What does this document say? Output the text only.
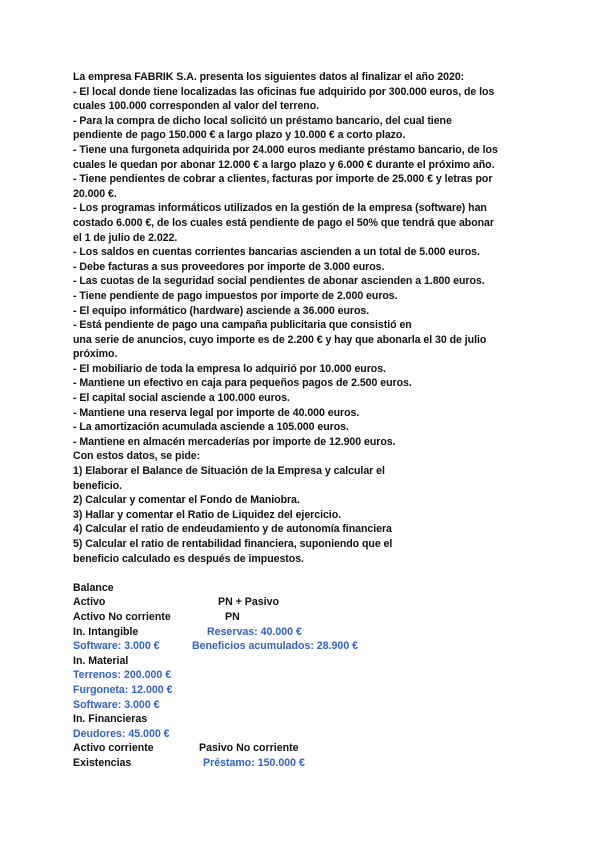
La empresa FABRIK S.A. presenta los siguientes datos al finalizar el año 2020:
- El local donde tiene localizadas las oficinas fue adquirido por 300.000 euros, de los
cuales 100.000 corresponden al valor del terreno.
- Para la compra de dicho local solicitó un préstamo bancario, del cual tiene
pendiente de pago 150.000 € a largo plazo y 10.000 € a corto plazo.
- Tiene una furgoneta adquirida por 24.000 euros mediante préstamo bancario, de los
cuales le quedan por abonar 12.000 € a largo plazo y 6.000 € durante el próximo año.
- Tiene pendientes de cobrar a clientes, facturas por importe de 25.000 € y letras por
20.000 €.
- Los programas informáticos utilizados en la gestión de la empresa (software) han
costado 6.000 €, de los cuales está pendiente de pago el 50% que tendrá que abonar
el 1 de julio de 2.022.
- Los saldos en cuentas corrientes bancarias ascienden a un total de 5.000 euros.
- Debe facturas a sus proveedores por importe de 3.000 euros.
- Las cuotas de la seguridad social pendientes de abonar ascienden a 1.800 euros.
- Tiene pendiente de pago impuestos por importe de 2.000 euros.
- El equipo informático (hardware) asciende a 36.000 euros.
- Está pendiente de pago una campaña publicitaria que consistió en
una serie de anuncios, cuyo importe es de 2.200 € y hay que abonarla el 30 de julio
próximo.
- El mobiliario de toda la empresa lo adquirió por 10.000 euros.
- Mantiene un efectivo en caja para pequeños pagos de 2.500 euros.
- El capital social asciende a 100.000 euros.
- Mantiene una reserva legal por importe de 40.000 euros.
- La amortización acumulada asciende a 105.000 euros.
- Mantiene en almacén mercaderías por importe de 12.900 euros.
Con estos datos, se pide:
1) Elaborar el Balance de Situación de la Empresa y calcular el
beneficio.
2) Calcular y comentar el Fondo de Maniobra.
3) Hallar y comentar el Ratio de Liquidez del ejercicio.
4) Calcular el ratio de endeudamiento y de autonomía financiera
5) Calcular el ratio de rentabilidad financiera, suponiendo que el
beneficio calculado es después de impuestos.
Balance
Activo	PN + Pasivo
Activo No corriente	PN
In. Intangible	Reservas: 40.000 €
Software: 3.000 €	Beneficios acumulados: 28.900 €
In. Material
Terrenos: 200.000 €
Furgoneta: 12.000 €
Software: 3.000 €
In. Financieras
Deudores: 45.000 €
Activo corriente	Pasivo No corriente
Existencias	Préstamo: 150.000 €
